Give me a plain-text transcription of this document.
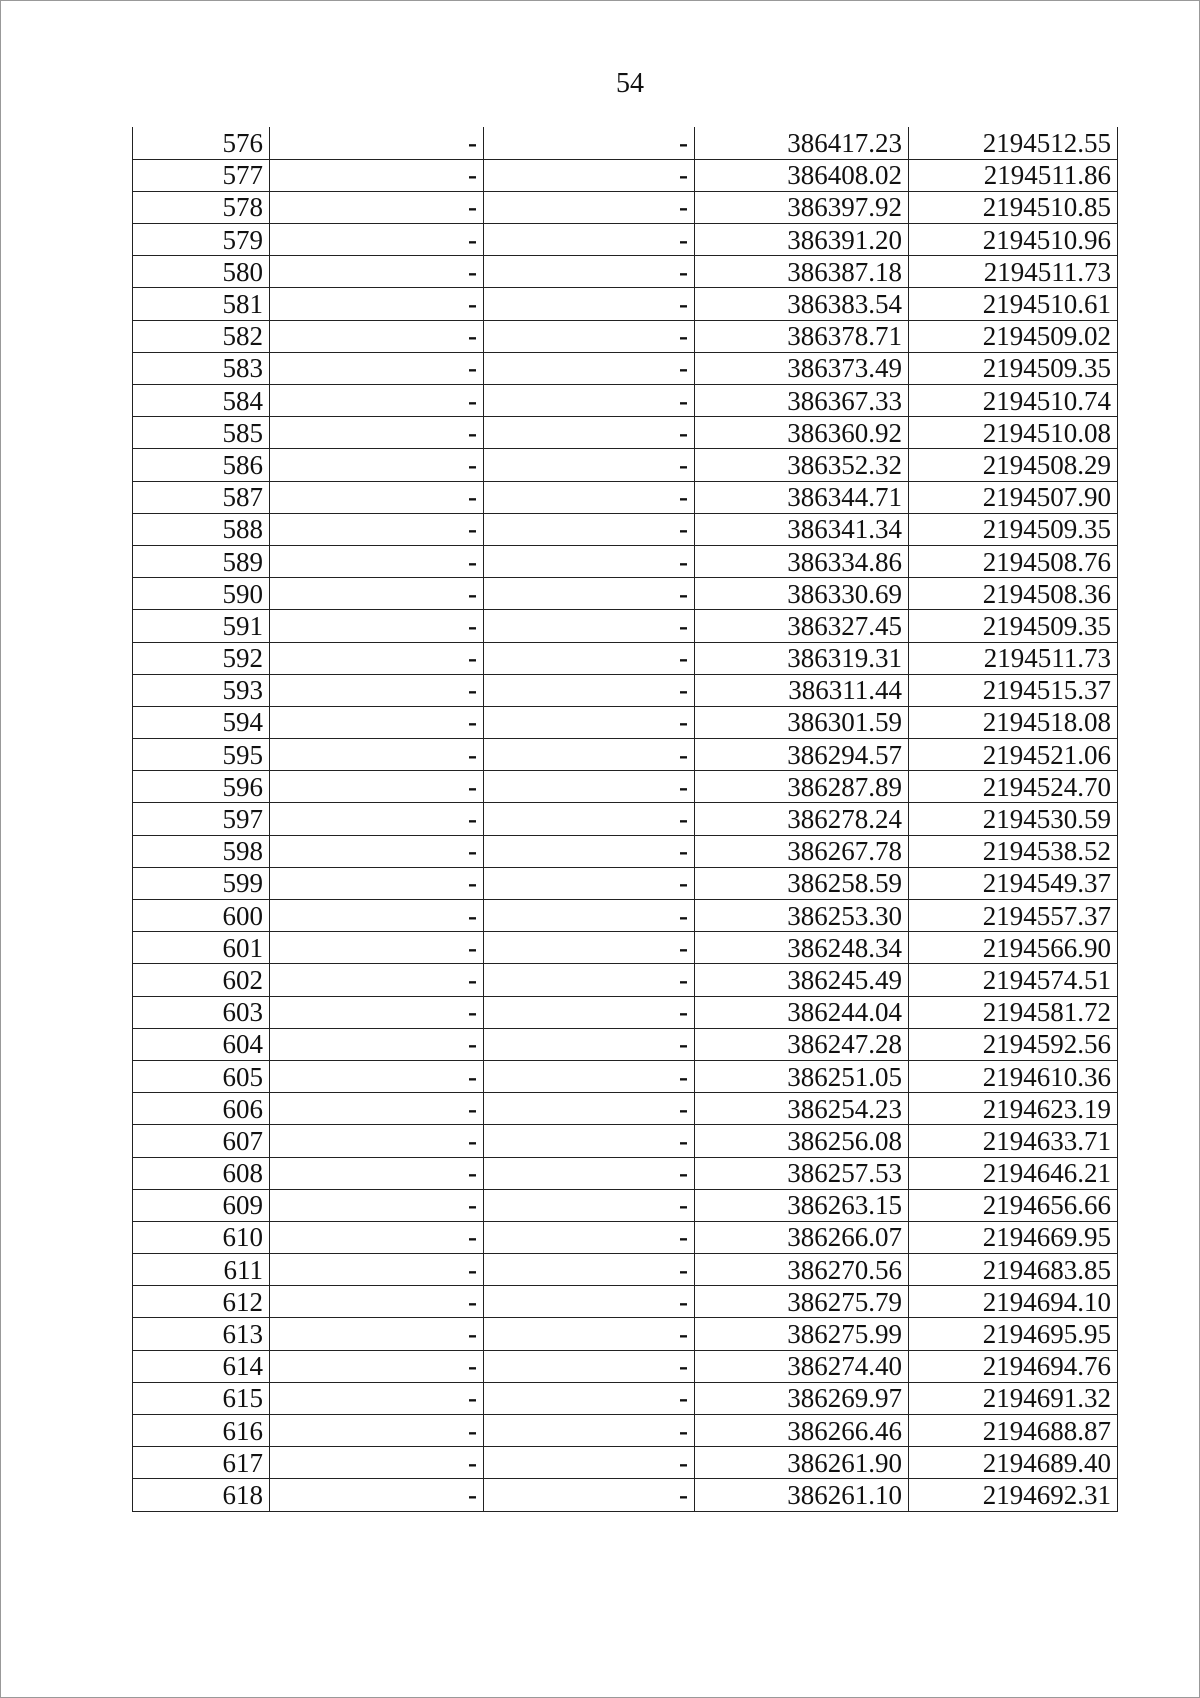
54
576	-	-	386417.23	2194512.55
577	-	-	386408.02	2194511.86
578	-	-	386397.92	2194510.85
579	-	-	386391.20	2194510.96
580	-	-	386387.18	2194511.73
581	-	-	386383.54	2194510.61
582	-	-	386378.71	2194509.02
583	-	-	386373.49	2194509.35
584	-	-	386367.33	2194510.74
585	-	-	386360.92	2194510.08
586	-	-	386352.32	2194508.29
587	-	-	386344.71	2194507.90
588	-	-	386341.34	2194509.35
589	-	-	386334.86	2194508.76
590	-	-	386330.69	2194508.36
591	-	-	386327.45	2194509.35
592	-	-	386319.31	2194511.73
593	-	-	386311.44	2194515.37
594	-	-	386301.59	2194518.08
595	-	-	386294.57	2194521.06
596	-	-	386287.89	2194524.70
597	-	-	386278.24	2194530.59
598	-	-	386267.78	2194538.52
599	-	-	386258.59	2194549.37
600	-	-	386253.30	2194557.37
601	-	-	386248.34	2194566.90
602	-	-	386245.49	2194574.51
603	-	-	386244.04	2194581.72
604	-	-	386247.28	2194592.56
605	-	-	386251.05	2194610.36
606	-	-	386254.23	2194623.19
607	-	-	386256.08	2194633.71
608	-	-	386257.53	2194646.21
609	-	-	386263.15	2194656.66
610	-	-	386266.07	2194669.95
611	-	-	386270.56	2194683.85
612	-	-	386275.79	2194694.10
613	-	-	386275.99	2194695.95
614	-	-	386274.40	2194694.76
615	-	-	386269.97	2194691.32
616	-	-	386266.46	2194688.87
617	-	-	386261.90	2194689.40
618	-	-	386261.10	2194692.31
